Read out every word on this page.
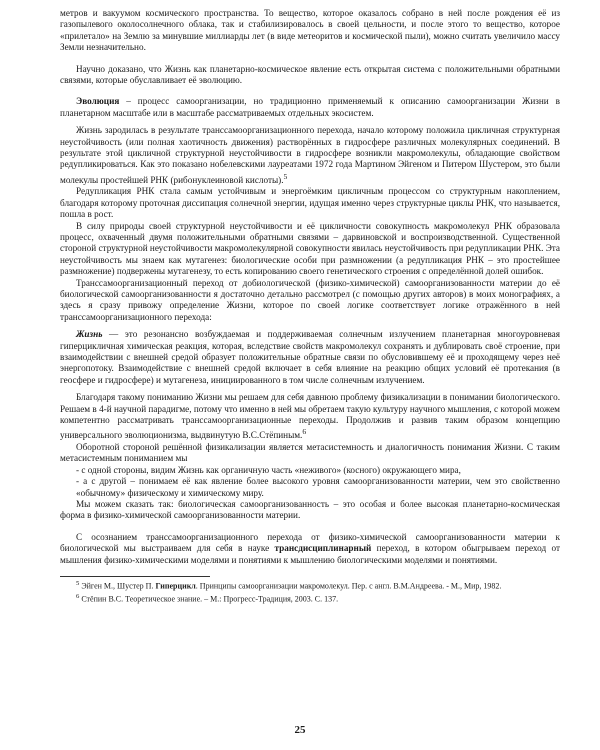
метров и вакуумом космического пространства. То вещество, которое оказалось собрано в ней после рождения её из газопылевого околосолнечного облака, так и стабилизировалось в своей цельности, и после этого то вещество, которое «прилетало» на Землю за минувшие миллиарды лет (в виде метеоритов и космической пыли), можно считать увеличило массу Земли незначительно.

Научно доказано, что Жизнь как планетарно-космическое явление есть открытая система с положительными обратными связями, которые обуславливает её эволюцию.

Эволюция – процесс самоорганизации, но традиционно применяемый к описанию самоорганизации Жизни в планетарном масштабе или в масштабе рассматриваемых отдельных экосистем.

Жизнь зародилась в результате транссамоорганизационного перехода, начало которому положила цикличная структурная неустойчивость (или полная хаотичность движения) растворённых в гидросфере различных молекулярных соединений. В результате этой цикличной структурной неустойчивости в гидросфере возникли макромолекулы, обладающие свойством редупликироваться. Как это показано нобелевскими лауреатами 1972 года Мартином Эйгеном и Питером Шустером, это были молекулы простейшей РНК (рибонуклеиновой кислоты).$^5$

Редупликация РНК стала самым устойчивым и энергоёмким цикличным процессом со структурным накоплением, благодаря которому проточная диссипация солнечной энергии, идущая именно через структурные циклы РНК, что называется, пошла в рост.

В силу природы своей структурной неустойчивости и её цикличности совокупность макромолекул РНК образовала процесс, охваченный двумя положительными обратными связями – дарвиновской и воспроизводственной. Существенной стороной структурной неустойчивости макромолекулярной совокупности явилась неустойчивость при редупликации РНК. Эта неустойчивость мы знаем как мутагенез: биологические особи при размножении (а редупликация РНК – это простейшее размножение) подвержены мутагенезу, то есть копированию своего генетического строения с определённой долей ошибок.

Транссамоорганизационный переход от добиологической (физико-химической) самоорганизованности материи до её биологической самоорганизованности я достаточно детально рассмотрел (с помощью других авторов) в моих монографиях, а здесь я сразу привожу определение Жизни, которое по своей логике соответствует логике отражённого в ней транссамоорганизационного перехода:

Жизнь — это резонансно возбуждаемая и поддерживаемая солнечным излучением планетарная многоуровневая гиперцикличная химическая реакция, которая, вследствие свойств макромолекул сохранять и дублировать своё строение, при взаимодействии с внешней средой образует положительные обратные связи по обусловившему её и проходящему через неё энергопотоку. Взаимодействие с внешней средой включает в себя влияние на реакцию общих условий её протекания (в геосфере и гидросфере) и мутагенеза, инициированного в том числе солнечным излучением.

Благодаря такому пониманию Жизни мы решаем для себя давнюю проблему физикализации в понимании биологического. Решаем в 4-й научной парадигме, потому что именно в ней мы обретаем такую культуру научного мышления, с которой можем компетентно рассматривать транссамоорганизационные переходы. Продолжив и развив таким образом концепцию универсального эволюционизма, выдвинутую В.С.Стёпиным.$^6$

Оборотной стороной решённой физикализации является метасистемность и диалогичность понимания Жизни. С таким метасистемным пониманием мы

- с одной стороны, видим Жизнь как органичную часть «неживого» (косного) окружающего мира,

- а с другой – понимаем её как явление более высокого уровня самоорганизованности материи, чем это свойственно «обычному» физическому и химическому миру.

Мы можем сказать так: биологическая самоорганизованность – это особая и более высокая планетарно-космическая форма в физико-химической самоорганизованности материи.

С осознанием транссамоорганизационного перехода от физико-химической самоорганизованности материи к биологической мы выстраиваем для себя в науке трансдисциплинарный переход, в котором обыгрываем переход от мышления физико-химическими моделями и понятиями к мышлению биологическими моделями и понятиями.

$^5$ Эйген М., Шустер П. Гиперцикл. Принципы самоорганизации макромолекул. Пер. с англ. В.М.Андреева. - М., Мир, 1982.

$^6$ Стёпин В.С. Теоретическое знание. – М.: Прогресс-Традиция, 2003. С. 137.

25
